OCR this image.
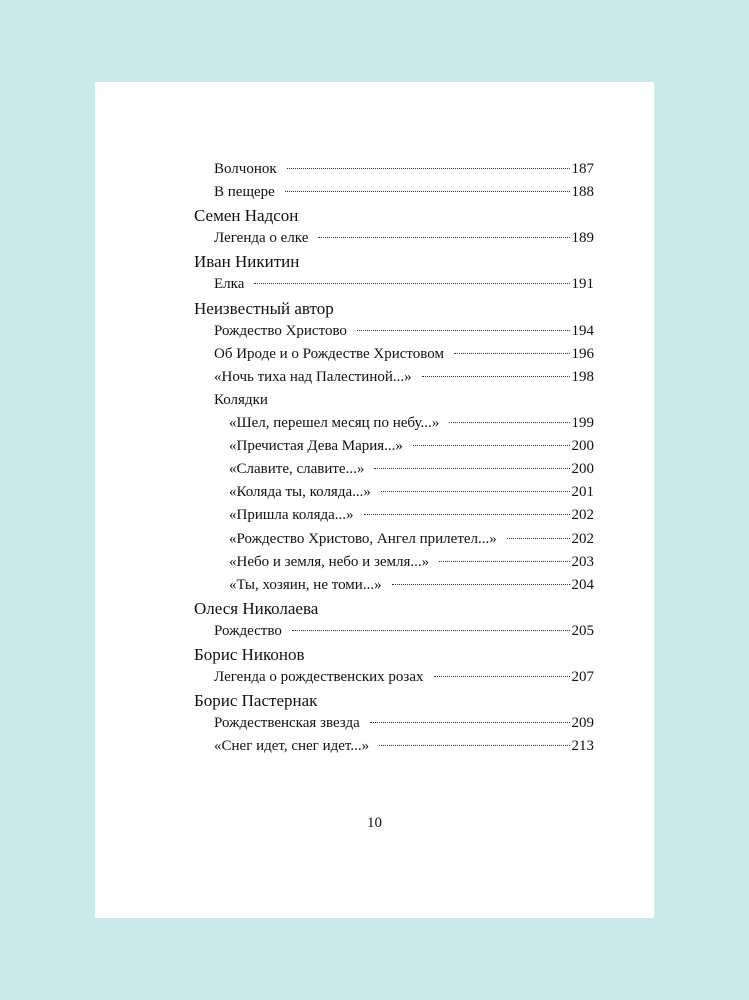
Волчонок	187
В пещере	188
Семен Надсон
Легенда о елке	189
Иван Никитин
Елка	191
Неизвестный автор
Рождество Христово	194
Об Ироде и о Рождестве Христовом	196
«Ночь тиха над Палестиной...»	198
Колядки
«Шел, перешел месяц по небу...»	199
«Пречистая Дева Мария...»	200
«Славите, славите...»	200
«Коляда ты, коляда...»	201
«Пришла коляда...»	202
«Рождество Христово, Ангел прилетел...»	202
«Небо и земля, небо и земля...»	203
«Ты, хозяин, не томи...»	204
Олеся Николаева
Рождество	205
Борис Никонов
Легенда о рождественских розах	207
Борис Пастернак
Рождественская звезда	209
«Снег идет, снег идет...»	213
10
